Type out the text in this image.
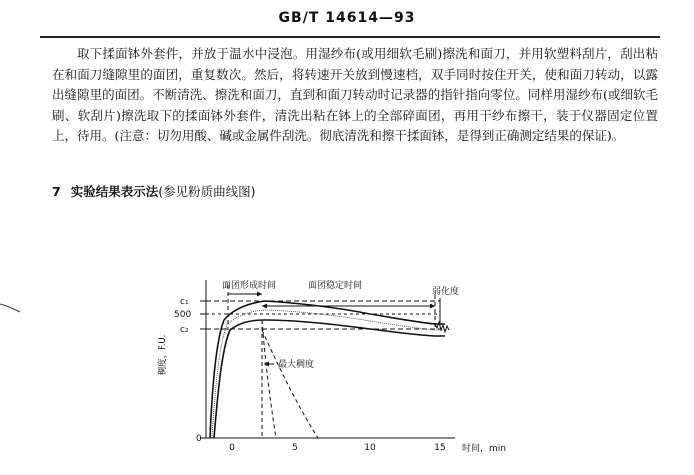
GB/T 14614—93

取下揉面钵外套件，并放于温水中浸泡。用湿纱布(或用细软毛刷)擦洗和面刀，并用软塑料刮片，刮出粘在和面刀缝隙里的面团，重复数次。然后，将转速开关放到慢速档，双手同时按住开关，使和面刀转动，以露出缝隙里的面团。不断清洗、擦洗和面刀，直到和面刀转动时记录器的指针指向零位。同样用湿纱布(或细软毛刷、软刮片)擦洗取下的揉面钵外套件，清洗出粘在钵上的全部碎面团，再用干纱布擦干，装于仪器固定位置上，待用。(注意：切勿用酸、碱或金属件刮洗。彻底清洗和擦干揉面钵，是得到正确测定结果的保证)。

7 实验结果表示法(参见粉质曲线图)
稠度，F.U.
c₁
500
c₂
0
0	5	10	15 时间，min
面团形成时间	面团稳定时间
弱化度
最大稠度
